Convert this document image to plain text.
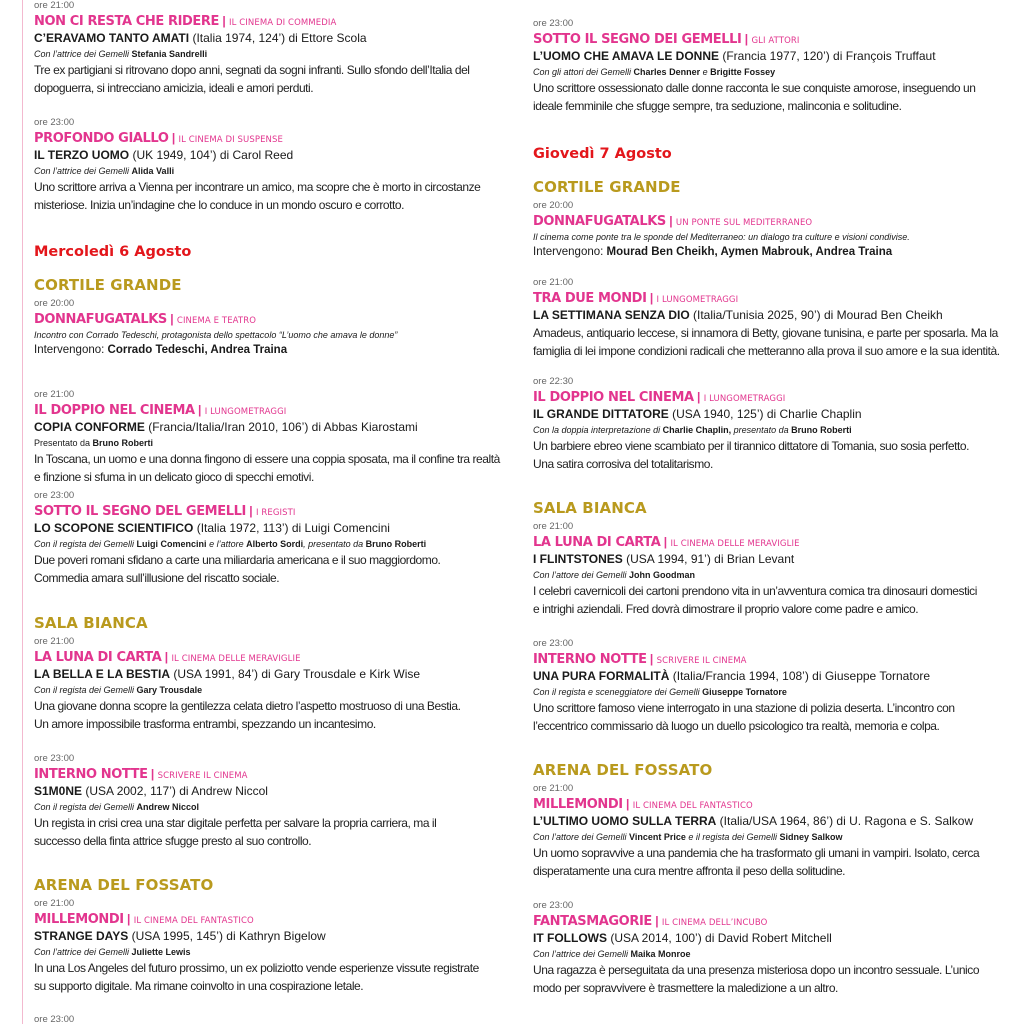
ore 21:00
NON CI RESTA CHE RIDERE | IL CINEMA DI COMMEDIA
C’ERAVAMO TANTO AMATI (Italia 1974, 124’) di Ettore Scola
Con l’attrice dei Gemelli Stefania Sandrelli
Tre ex partigiani si ritrovano dopo anni, segnati da sogni infranti. Sullo sfondo dell’Italia del
dopoguerra, si intrecciano amicizia, ideali e amori perduti.
ore 23:00
PROFONDO GIALLO | IL CINEMA DI SUSPENSE
IL TERZO UOMO (UK 1949, 104’) di Carol Reed
Con l’attrice dei Gemelli Alida Valli
Uno scrittore arriva a Vienna per incontrare un amico, ma scopre che è morto in circostanze
misteriose. Inizia un’indagine che lo conduce in un mondo oscuro e corrotto.
Mercoledì 6 Agosto
CORTILE GRANDE
ore 20:00
DONNAFUGATALKS | CINEMA E TEATRO
Incontro con Corrado Tedeschi, protagonista dello spettacolo “L’uomo che amava le donne”
Intervengono: Corrado Tedeschi, Andrea Traina
ore 21:00
IL DOPPIO NEL CINEMA | I LUNGOMETRAGGI
COPIA CONFORME (Francia/Italia/Iran 2010, 106’) di Abbas Kiarostami
Presentato da Bruno Roberti
In Toscana, un uomo e una donna fingono di essere una coppia sposata, ma il confine tra realtà
e finzione si sfuma in un delicato gioco di specchi emotivi.
ore 23:00
SOTTO IL SEGNO DEL GEMELLI | I REGISTI
LO SCOPONE SCIENTIFICO (Italia 1972, 113’) di Luigi Comencini
Con il regista dei Gemelli Luigi Comencini e l’attore Alberto Sordi, presentato da Bruno Roberti
Due poveri romani sfidano a carte una miliardaria americana e il suo maggiordomo.
Commedia amara sull’illusione del riscatto sociale.
SALA BIANCA
ore 21:00
LA LUNA DI CARTA | IL CINEMA DELLE MERAVIGLIE
LA BELLA E LA BESTIA (USA 1991, 84’) di Gary Trousdale e Kirk Wise
Con il regista dei Gemelli Gary Trousdale
Una giovane donna scopre la gentilezza celata dietro l’aspetto mostruoso di una Bestia.
Un amore impossibile trasforma entrambi, spezzando un incantesimo.
ore 23:00
INTERNO NOTTE | SCRIVERE IL CINEMA
S1M0NE (USA 2002, 117’) di Andrew Niccol
Con il regista dei Gemelli Andrew Niccol
Un regista in crisi crea una star digitale perfetta per salvare la propria carriera, ma il
successo della finta attrice sfugge presto al suo controllo.
ARENA DEL FOSSATO
ore 21:00
MILLEMONDI | IL CINEMA DEL FANTASTICO
STRANGE DAYS (USA 1995, 145’) di Kathryn Bigelow
Con l’attrice dei Gemelli Juliette Lewis
In una Los Angeles del futuro prossimo, un ex poliziotto vende esperienze vissute registrate
su supporto digitale. Ma rimane coinvolto in una cospirazione letale.
ore 23:00
ore 23:00
SOTTO IL SEGNO DEI GEMELLI | GLI ATTORI
L’UOMO CHE AMAVA LE DONNE (Francia 1977, 120’) di François Truffaut
Con gli attori dei Gemelli Charles Denner e Brigitte Fossey
Uno scrittore ossessionato dalle donne racconta le sue conquiste amorose, inseguendo un
ideale femminile che sfugge sempre, tra seduzione, malinconia e solitudine.
Giovedì 7 Agosto
CORTILE GRANDE
ore 20:00
DONNAFUGATALKS | UN PONTE SUL MEDITERRANEO
Il cinema come ponte tra le sponde del Mediterraneo: un dialogo tra culture e visioni condivise.
Intervengono: Mourad Ben Cheikh, Aymen Mabrouk, Andrea Traina
ore 21:00
TRA DUE MONDI | I LUNGOMETRAGGI
LA SETTIMANA SENZA DIO (Italia/Tunisia 2025, 90’) di Mourad Ben Cheikh
Amadeus, antiquario leccese, si innamora di Betty, giovane tunisina, e parte per sposarla. Ma la
famiglia di lei impone condizioni radicali che metteranno alla prova il suo amore e la sua identità.
ore 22:30
IL DOPPIO NEL CINEMA | I LUNGOMETRAGGI
IL GRANDE DITTATORE (USA 1940, 125’) di Charlie Chaplin
Con la doppia interpretazione di Charlie Chaplin, presentato da Bruno Roberti
Un barbiere ebreo viene scambiato per il tirannico dittatore di Tomania, suo sosia perfetto.
Una satira corrosiva del totalitarismo.
SALA BIANCA
ore 21:00
LA LUNA DI CARTA | IL CINEMA DELLE MERAVIGLIE
I FLINTSTONES (USA 1994, 91’) di Brian Levant
Con l’attore dei Gemelli John Goodman
I celebri cavernicoli dei cartoni prendono vita in un’avventura comica tra dinosauri domestici
e intrighi aziendali. Fred dovrà dimostrare il proprio valore come padre e amico.
ore 23:00
INTERNO NOTTE | SCRIVERE IL CINEMA
UNA PURA FORMALITÀ (Italia/Francia 1994, 108’) di Giuseppe Tornatore
Con il regista e sceneggiatore dei Gemelli Giuseppe Tornatore
Uno scrittore famoso viene interrogato in una stazione di polizia deserta. L’incontro con
l’eccentrico commissario dà luogo un duello psicologico tra realtà, memoria e colpa.
ARENA DEL FOSSATO
ore 21:00
MILLEMONDI | IL CINEMA DEL FANTASTICO
L’ULTIMO UOMO SULLA TERRA (Italia/USA 1964, 86’) di U. Ragona e S. Salkow
Con l’attore dei Gemelli Vincent Price e il regista dei Gemelli Sidney Salkow
Un uomo sopravvive a una pandemia che ha trasformato gli umani in vampiri. Isolato, cerca
disperatamente una cura mentre affronta il peso della solitudine.
ore 23:00
FANTASMAGORIE | IL CINEMA DELL’INCUBO
IT FOLLOWS (USA 2014, 100’) di David Robert Mitchell
Con l’attrice dei Gemelli Maika Monroe
Una ragazza è perseguitata da una presenza misteriosa dopo un incontro sessuale. L’unico
modo per sopravvivere è trasmettere la maledizione a un altro.
